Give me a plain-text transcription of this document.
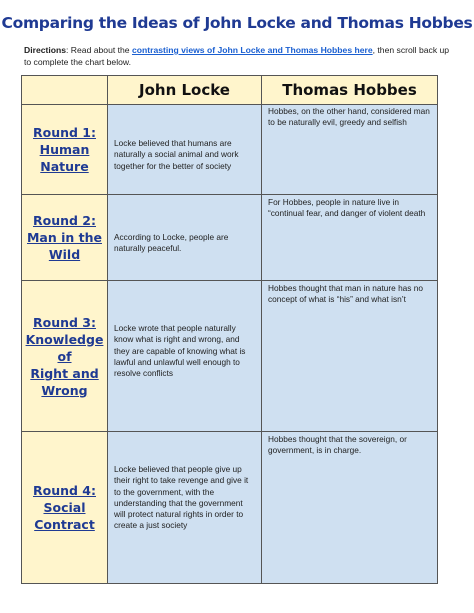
Comparing the Ideas of John Locke and Thomas Hobbes
Directions: Read about the contrasting views of John Locke and Thomas Hobbes here, then scroll back up to complete the chart below.
	John Locke	Thomas Hobbes

Round 1:
Human
Nature	Locke believed that humans are naturally a social animal and work together for the better of society	Hobbes, on the other hand, considered man to be naturally evil, greedy and selfish

Round 2:
Man in the
Wild	According to Locke, people are naturally peaceful.	For Hobbes, people in nature live in “continual fear, and danger of violent death

Round 3:
Knowledge of
Right and
Wrong	Locke wrote that people naturally know what is right and wrong, and they are capable of knowing what is lawful and unlawful well enough to resolve conflicts	Hobbes thought that man in nature has no concept of what is “his” and what isn’t

Round 4:
Social
Contract	Locke believed that people give up their right to take revenge and give it to the government, with the understanding that the government will protect natural rights in order to create a just society	Hobbes thought that the sovereign, or government, is in charge.
